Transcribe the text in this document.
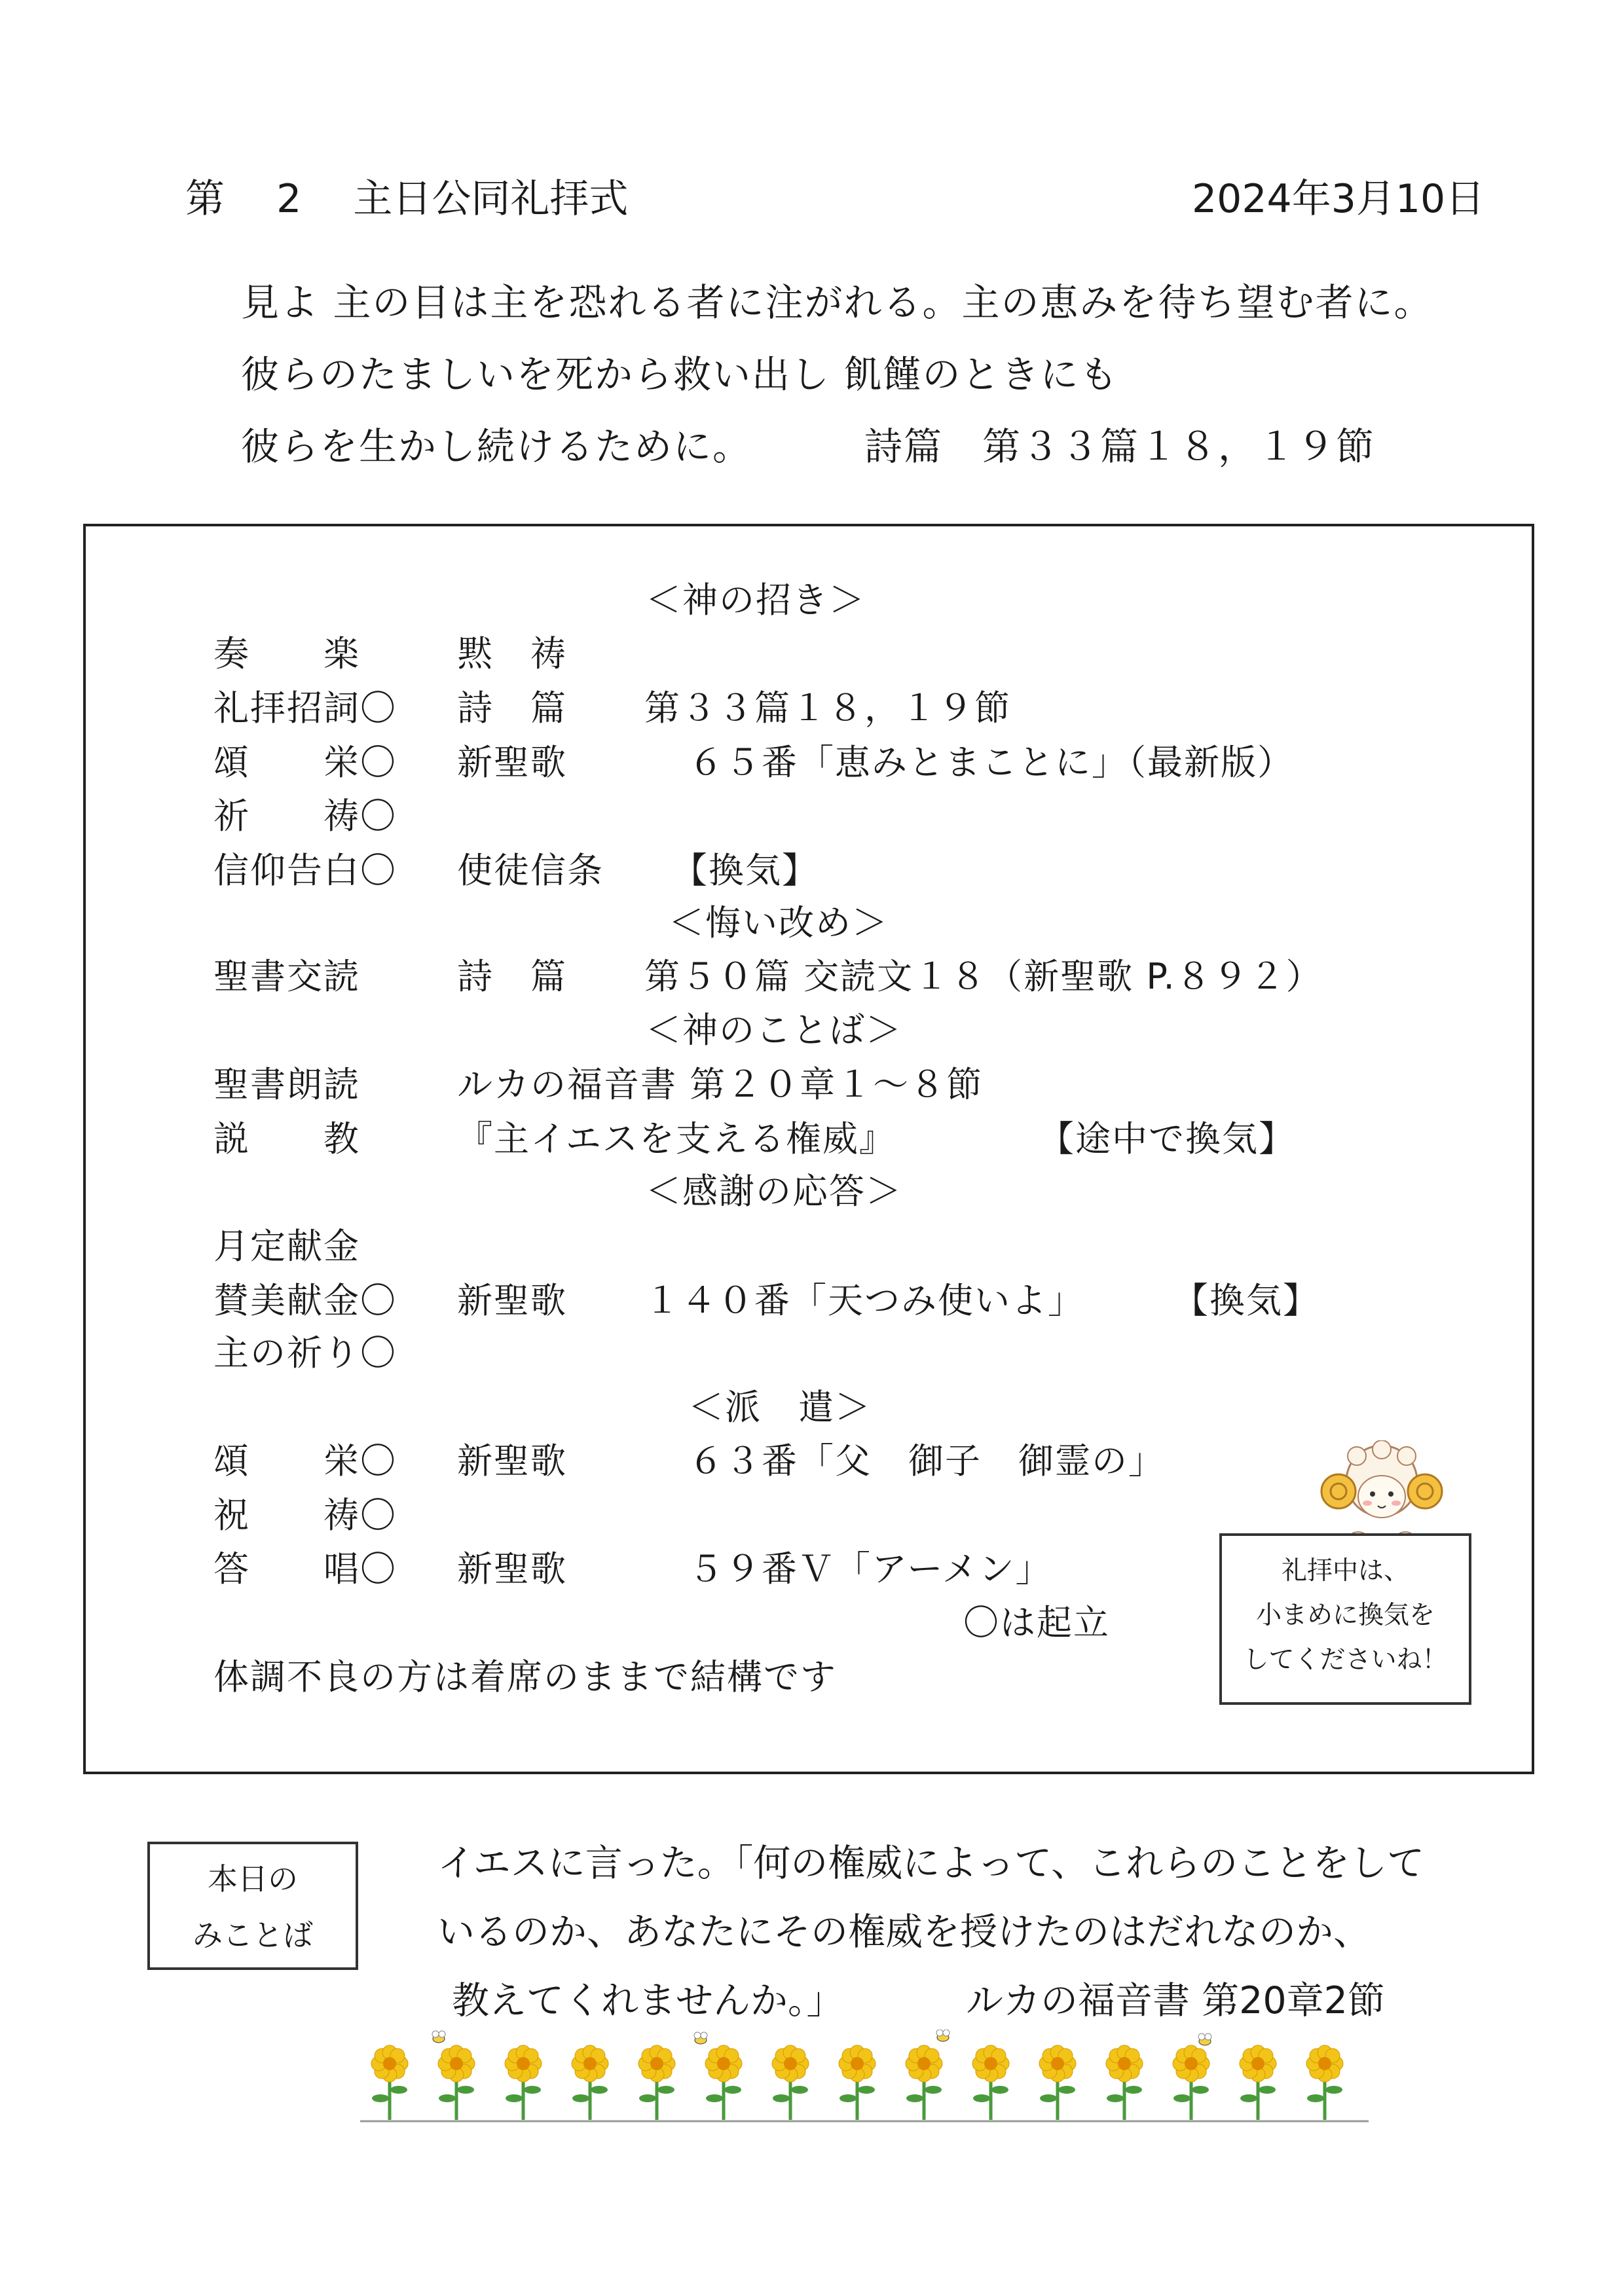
第　 2　 主日公同礼拝式	2024年3月10日
見よ 主の目は主を恐れる者に注がれる。主の恵みを待ち望む者に。
彼らのたましいを死から救い出し 飢饉のときにも
彼らを生かし続けるために。	詩篇　第３３篇１８，１９節
＜神の招き＞
奏　　楽	黙　祷
礼拝招詞〇 詩　篇 第３３篇１８，１９節
頌　　栄〇 新聖歌	６５番「恵みとまことに」（最新版）
祈　　祷〇
信仰告白〇 使徒信条 【換気】
＜悔い改め＞
聖書交読	詩　篇 第５０篇 交読文１８（新聖歌 P.８９２）
＜神のことば＞
聖書朗読	ルカの福音書 第２０章１～８節
説　　教	『主イエスを支える権威』	【途中で換気】
＜感謝の応答＞
月定献金
賛美献金〇 新聖歌 １４０番「天つみ使いよ」	【換気】
主の祈り〇
＜派　遣＞
頌　　栄〇 新聖歌	６３番「父　御子　御霊の」
祝　　祷〇
答　　唱〇 新聖歌	５９番Ｖ「アーメン」
〇は起立
体調不良の方は着席のままで結構です
礼拝中は、
小まめに換気を
してくださいね！
本日の
みことば
イエスに言った。「何の権威によって、これらのことをして
いるのか、あなたにその権威を授けたのはだれなのか、
教えてくれませんか。」	ルカの福音書 第20章2節
